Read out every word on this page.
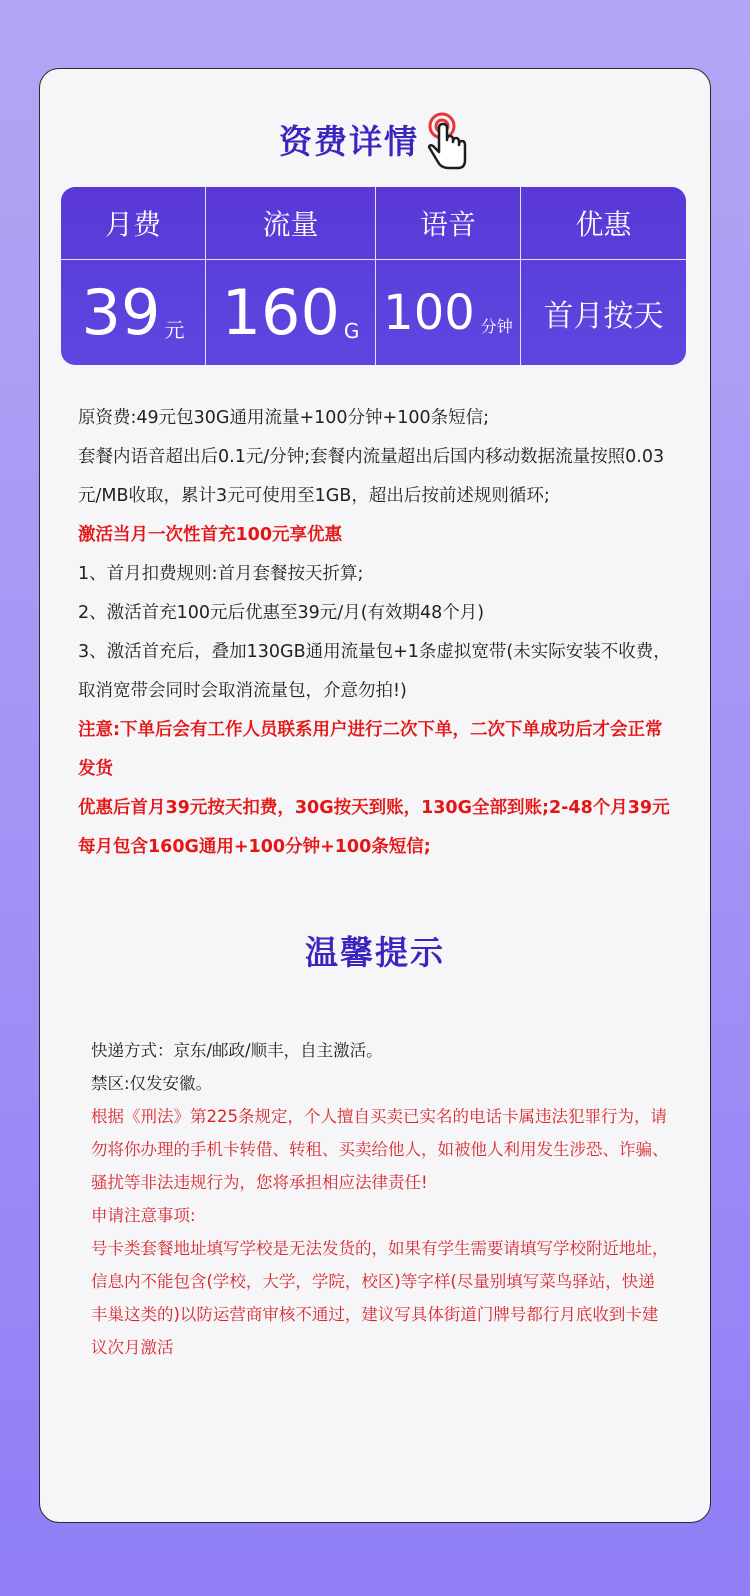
资费详情
月费	流量	语音	优惠
39 元 160 G 100 分钟 首月按天

原资费:49元包30G通用流量+100分钟+100条短信;

套餐内语音超出后0.1元/分钟;套餐内流量超出后国内移动数据流量按照0.03元/MB收取，累计3元可使用至1GB，超出后按前述规则循环;

激活当月一次性首充100元享优惠

1、首月扣费规则:首月套餐按天折算;

2、激活首充100元后优惠至39元/月(有效期48个月)

3、激活首充后，叠加130GB通用流量包+1条虚拟宽带(未实际安装不收费，取消宽带会同时会取消流量包，介意勿拍!)

注意:下单后会有工作人员联系用户进行二次下单，二次下单成功后才会正常发货

优惠后首月39元按天扣费，30G按天到账，130G全部到账;2-48个月39元每月包含160G通用+100分钟+100条短信;

温馨提示

快递方式：京东/邮政/顺丰，自主激活。

禁区:仅发安徽。

根据《刑法》第225条规定，个人擅自买卖已实名的电话卡属违法犯罪行为，请勿将你办理的手机卡转借、转租、买卖给他人，如被他人利用发生涉恐、诈骗、骚扰等非法违规行为，您将承担相应法律责任!

申请注意事项:

号卡类套餐地址填写学校是无法发货的，如果有学生需要请填写学校附近地址，信息内不能包含(学校，大学，学院，校区)等字样(尽量别填写菜鸟驿站，快递丰巢这类的)以防运营商审核不通过，建议写具体街道门牌号都行月底收到卡建议次月激活
